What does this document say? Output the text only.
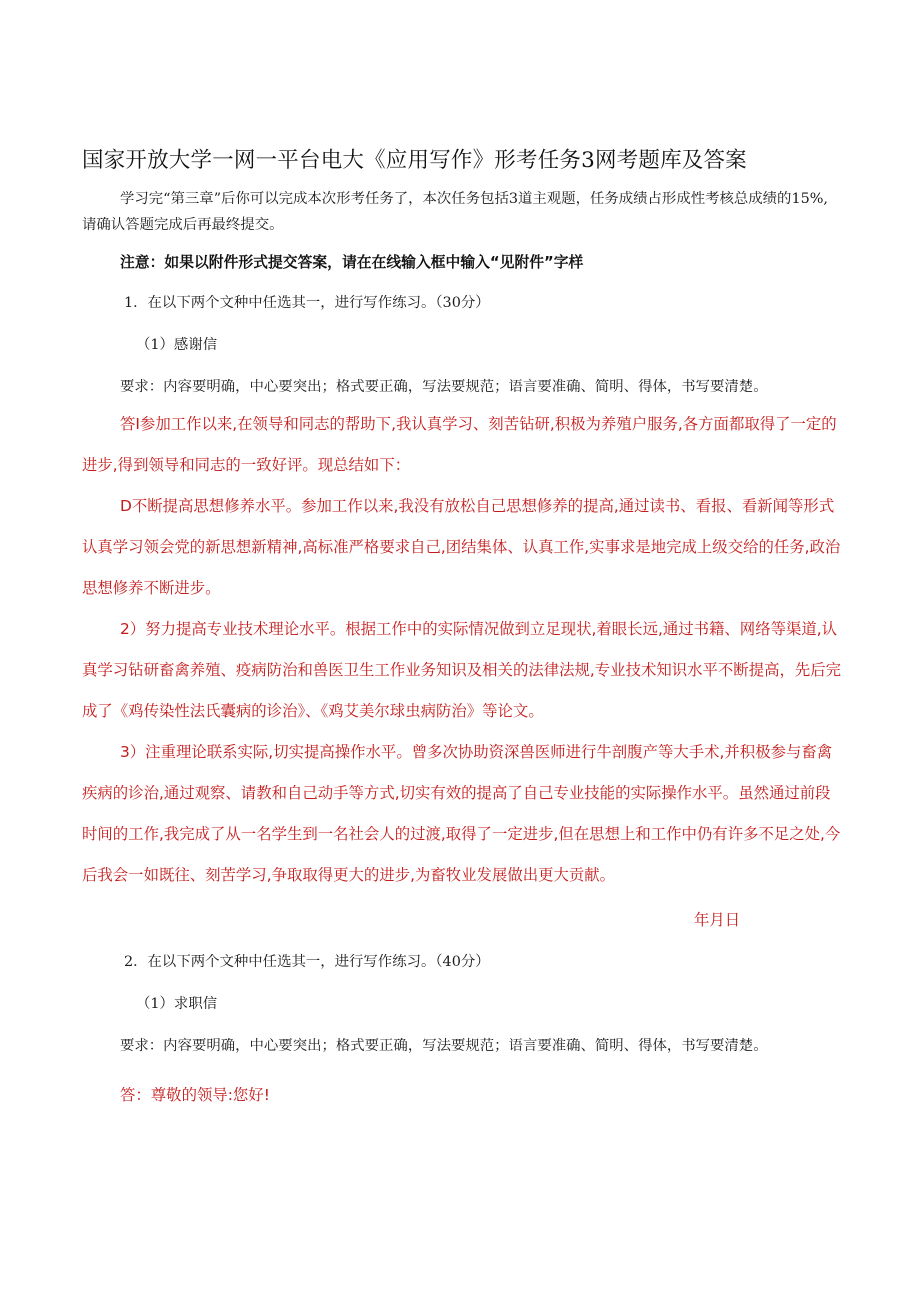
国家开放大学一网一平台电大《应用写作》形考任务3网考题库及答案
学习完“第三章”后你可以完成本次形考任务了，本次任务包括3道主观题，任务成绩占形成性考核总成绩的15%,请确认答题完成后再最终提交。
注意：如果以附件形式提交答案，请在在线输入框中输入“见附件”字样
1．在以下两个文种中任选其一，进行写作练习。（30分）
（1）感谢信
要求：内容要明确，中心要突出；格式要正确，写法要规范；语言要准确、简明、得体，书写要清楚。
答I参加工作以来,在领导和同志的帮助下,我认真学习、刻苦钻研,积极为养殖户服务,各方面都取得了一定的进步,得到领导和同志的一致好评。现总结如下：
D不断提高思想修养水平。参加工作以来,我没有放松自己思想修养的提高,通过读书、看报、看新闻等形式认真学习领会党的新思想新精神,高标准严格要求自己,团结集体、认真工作,实事求是地完成上级交给的任务,政治思想修养不断进步。
2）努力提高专业技术理论水平。根据工作中的实际情况做到立足现状,着眼长远,通过书籍、网络等渠道,认真学习钻研畜禽养殖、疫病防治和兽医卫生工作业务知识及相关的法律法规,专业技术知识水平不断提高，先后完成了《鸡传染性法氏囊病的诊治》、《鸡艾美尔球虫病防治》等论文。
3）注重理论联系实际,切实提高操作水平。曾多次协助资深兽医师进行牛剖腹产等大手术,并积极参与畜禽疾病的诊治,通过观察、请教和自己动手等方式,切实有效的提高了自己专业技能的实际操作水平。虽然通过前段时间的工作,我完成了从一名学生到一名社会人的过渡,取得了一定进步,但在思想上和工作中仍有许多不足之处,今后我会一如既往、刻苦学习,争取取得更大的进步,为畜牧业发展做出更大贡献。
年月日
2．在以下两个文种中任选其一，进行写作练习。（40分）
（1）求职信
要求：内容要明确，中心要突出；格式要正确，写法要规范；语言要准确、简明、得体，书写要清楚。
答：尊敬的领导:您好!
